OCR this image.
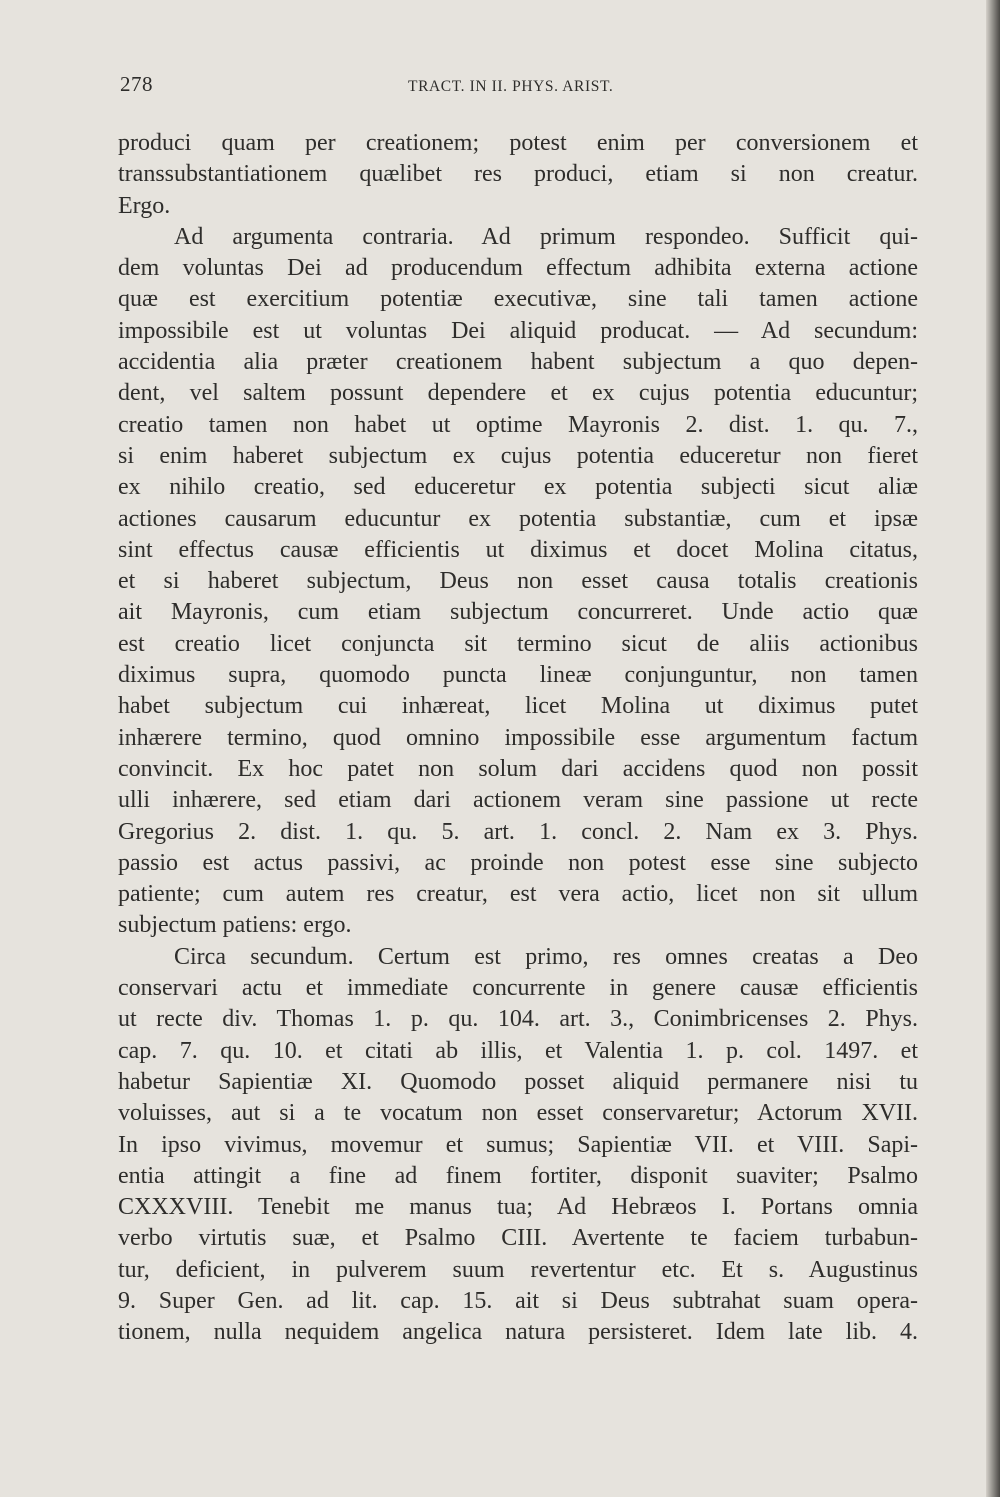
278	TRACT. IN II. PHYS. ARIST.
produci quam per creationem; potest enim per conversionem et
transsubstantiationem quælibet res produci, etiam si non creatur.
Ergo.
Ad argumenta contraria. Ad primum respondeo. Sufficit qui-
dem voluntas Dei ad producendum effectum adhibita externa actione
quæ est exercitium potentiæ executivæ, sine tali tamen actione
impossibile est ut voluntas Dei aliquid producat. — Ad secundum:
accidentia alia præter creationem habent subjectum a quo depen-
dent, vel saltem possunt dependere et ex cujus potentia educuntur;
creatio tamen non habet ut optime Mayronis 2. dist. 1. qu. 7.,
si enim haberet subjectum ex cujus potentia educeretur non fieret
ex nihilo creatio, sed educeretur ex potentia subjecti sicut aliæ
actiones causarum educuntur ex potentia substantiæ, cum et ipsæ
sint effectus causæ efficientis ut diximus et docet Molina citatus,
et si haberet subjectum, Deus non esset causa totalis creationis
ait Mayronis, cum etiam subjectum concurreret. Unde actio quæ
est creatio licet conjuncta sit termino sicut de aliis actionibus
diximus supra, quomodo puncta lineæ conjunguntur, non tamen
habet subjectum cui inhæreat, licet Molina ut diximus putet
inhærere termino, quod omnino impossibile esse argumentum factum
convincit. Ex hoc patet non solum dari accidens quod non possit
ulli inhærere, sed etiam dari actionem veram sine passione ut recte
Gregorius 2. dist. 1. qu. 5. art. 1. concl. 2. Nam ex 3. Phys.
passio est actus passivi, ac proinde non potest esse sine subjecto
patiente; cum autem res creatur, est vera actio, licet non sit ullum
subjectum patiens: ergo.
Circa secundum. Certum est primo, res omnes creatas a Deo
conservari actu et immediate concurrente in genere causæ efficientis
ut recte div. Thomas 1. p. qu. 104. art. 3., Conimbricenses 2. Phys.
cap. 7. qu. 10. et citati ab illis, et Valentia 1. p. col. 1497. et
habetur Sapientiæ XI. Quomodo posset aliquid permanere nisi tu
voluisses, aut si a te vocatum non esset conservaretur; Actorum XVII.
In ipso vivimus, movemur et sumus; Sapientiæ VII. et VIII. Sapi-
entia attingit a fine ad finem fortiter, disponit suaviter; Psalmo
CXXXVIII. Tenebit me manus tua; Ad Hebræos I. Portans omnia
verbo virtutis suæ, et Psalmo CIII. Avertente te faciem turbabun-
tur, deficient, in pulverem suum revertentur etc. Et s. Augustinus
9. Super Gen. ad lit. cap. 15. ait si Deus subtrahat suam opera-
tionem, nulla nequidem angelica natura persisteret. Idem late lib. 4.
